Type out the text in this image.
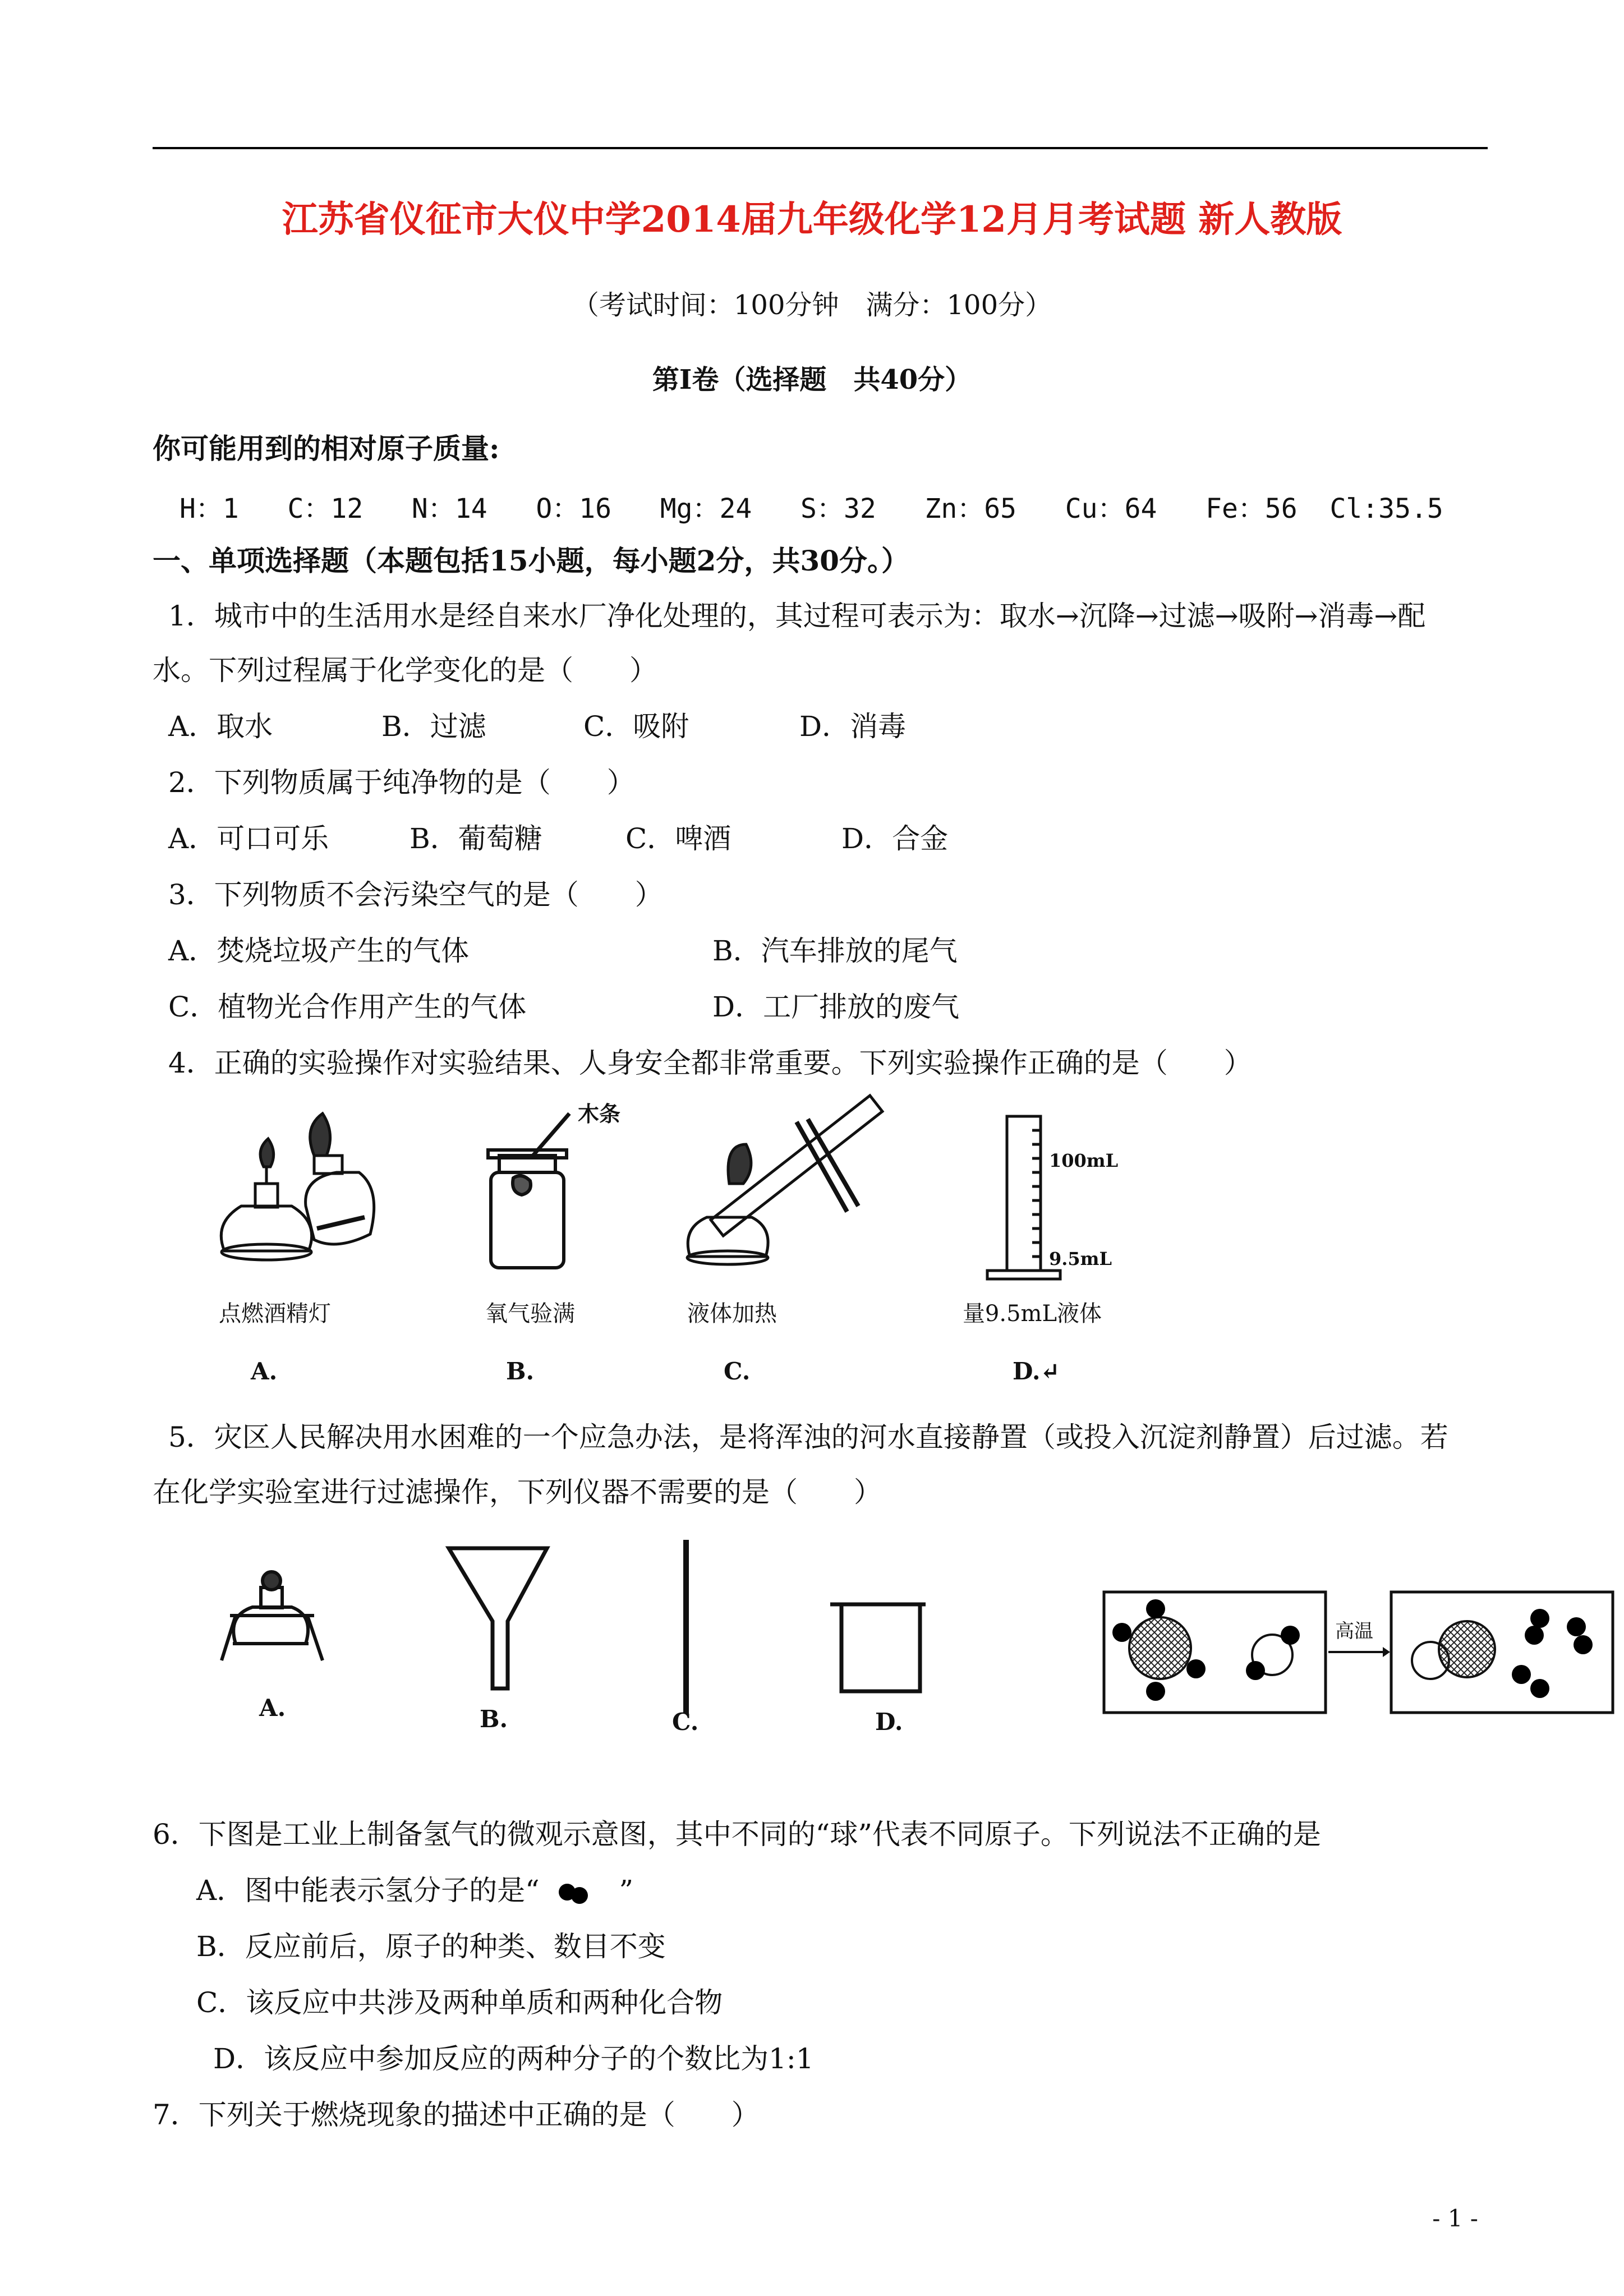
江苏省仪征市大仪中学2014届九年级化学12月月考试题 新人教版
（考试时间：100分钟　满分：100分）
第Ⅰ卷（选择题　共40分）
你可能用到的相对原子质量:
H：1 C：12 N：14 O：16 Mg：24 S：32 Zn：65 Cu：64 Fe：56 Cl:35.5
一、单项选择题（本题包括15小题，每小题2分，共30分。）
1．城市中的生活用水是经自来水厂净化处理的，其过程可表示为：取水→沉降→过滤→吸附→消毒→配
水。下列过程属于化学变化的是（　　）
A．取水	B．过滤	C．吸附	D．消毒
2．下列物质属于纯净物的是（　　）
A．可口可乐	B．葡萄糖	C．啤酒	D．合金
3．下列物质不会污染空气的是（　　）
A．焚烧垃圾产生的气体	B．汽车排放的尾气
C．植物光合作用产生的气体	D．工厂排放的废气
4．正确的实验操作对实验结果、人身安全都非常重要。下列实验操作正确的是（　　）
木条
100mL
9.5mL
点燃酒精灯	氧气验满	液体加热	量9.5mL液体
A.	B.	C.	D.↵
5．灾区人民解决用水困难的一个应急办法，是将浑浊的河水直接静置（或投入沉淀剂静置）后过滤。若
在化学实验室进行过滤操作，下列仪器不需要的是（　　）
A.	B.	C.	D.
6．下图是工业上制备氢气的微观示意图，其中不同的“球”代表不同原子。下列说法不正确的是
A．图中能表示氢分子的是“	”
B．反应前后，原子的种类、数目不变
C．该反应中共涉及两种单质和两种化合物
D．该反应中参加反应的两种分子的个数比为1:1
高温
7．下列关于燃烧现象的描述中正确的是（　　）
- 1 -
